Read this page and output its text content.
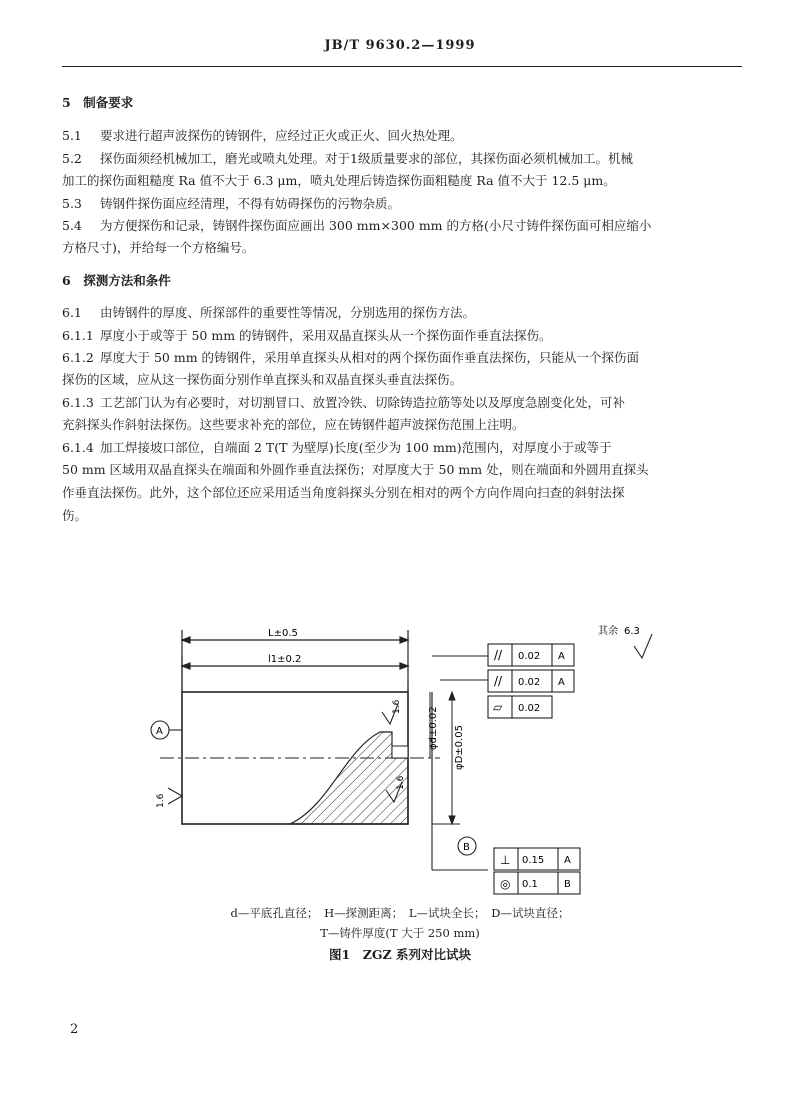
JB/T 9630.2—1999
5　制备要求
5.1 要求进行超声波探伤的铸钢件，应经过正火或正火、回火热处理。
5.2 探伤面须经机械加工，磨光或喷丸处理。对于1级质量要求的部位，其探伤面必须机械加工。机械
加工的探伤面粗糙度 Ra 值不大于 6.3 μm，喷丸处理后铸造探伤面粗糙度 Ra 值不大于 12.5 μm。
5.3 铸钢件探伤面应经清理，不得有妨碍探伤的污物杂质。
5.4 为方便探伤和记录，铸钢件探伤面应画出 300 mm×300 mm 的方格(小尺寸铸件探伤面可相应缩小
方格尺寸)，并给每一个方格编号。
6　探测方法和条件
6.1 由铸钢件的厚度、所探部件的重要性等情况，分别选用的探伤方法。
6.1.1 厚度小于或等于 50 mm 的铸钢件，采用双晶直探头从一个探伤面作垂直法探伤。
6.1.2 厚度大于 50 mm 的铸钢件，采用单直探头从相对的两个探伤面作垂直法探伤，只能从一个探伤面
探伤的区域，应从这一探伤面分别作单直探头和双晶直探头垂直法探伤。
6.1.3 工艺部门认为有必要时，对切割冒口、放置冷铁、切除铸造拉筋等处以及厚度急剧变化处，可补
充斜探头作斜射法探伤。这些要求补充的部位，应在铸钢件超声波探伤范围上注明。
6.1.4 加工焊接坡口部位，自端面 2 T(T 为壁厚)长度(至少为 100 mm)范围内，对厚度小于或等于
50 mm 区域用双晶直探头在端面和外圆作垂直法探伤；对厚度大于 50 mm 处，则在端面和外圆用直探头
作垂直法探伤。此外，这个部位还应采用适当角度斜探头分别在相对的两个方向作周向扫查的斜射法探
伤。
φd±0.02 φD±0.05
L±0.5
l1±0.2
1.6
1.6
1.6
其余 6.3
A
B
// 0.02 A
// 0.02 A
▱ 0.02
⊥ 0.15 A
◎ 0.1	B
d—平底孔直径；　H—探测距离；　L—试块全长；　D—试块直径；
T—铸件厚度(T 大于 250 mm)
图1　ZGZ 系列对比试块
2
